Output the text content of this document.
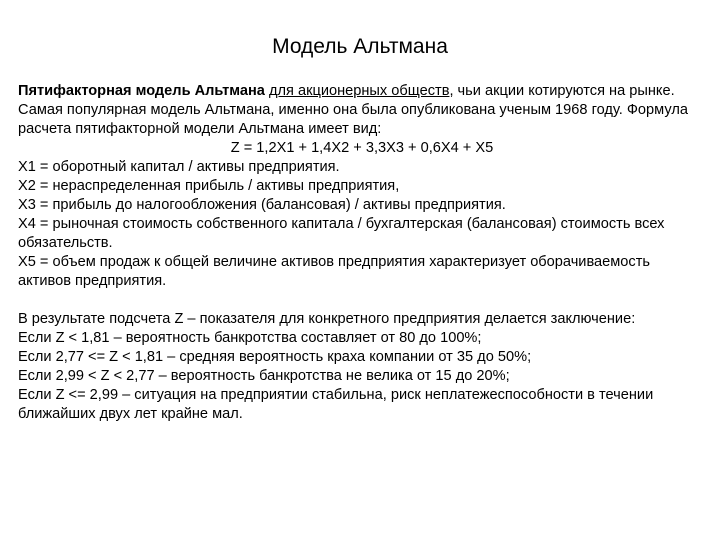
Модель Альтмана

Пятифакторная модель Альтмана для акционерных обществ, чьи акции котируются на рынке. Самая популярная модель Альтмана, именно она была опубликована ученым 1968 году. Формула расчета пятифакторной модели Альтмана имеет вид:

Z = 1,2X1 + 1,4X2 + 3,3X3 + 0,6X4 + X5

X1 = оборотный капитал / активы предприятия.
X2 = нераспределенная прибыль / активы предприятия,
X3 = прибыль до налогообложения (балансовая) / активы предприятия.
X4 = рыночная стоимость собственного капитала / бухгалтерская (балансовая) стоимость всех обязательств.
X5 = объем продаж к общей величине активов предприятия характеризует оборачиваемость активов предприятия.
В результате подсчета Z – показателя для конкретного предприятия делается заключение:
Если Z < 1,81 – вероятность банкротства составляет от 80 до 100%;
Если 2,77 <= Z < 1,81 – средняя вероятность краха компании от 35 до 50%;
Если 2,99 < Z < 2,77 – вероятность банкротства не велика от 15 до 20%;
Если Z <= 2,99 – ситуация на предприятии стабильна, риск неплатежеспособности в течении ближайших двух лет крайне мал.
